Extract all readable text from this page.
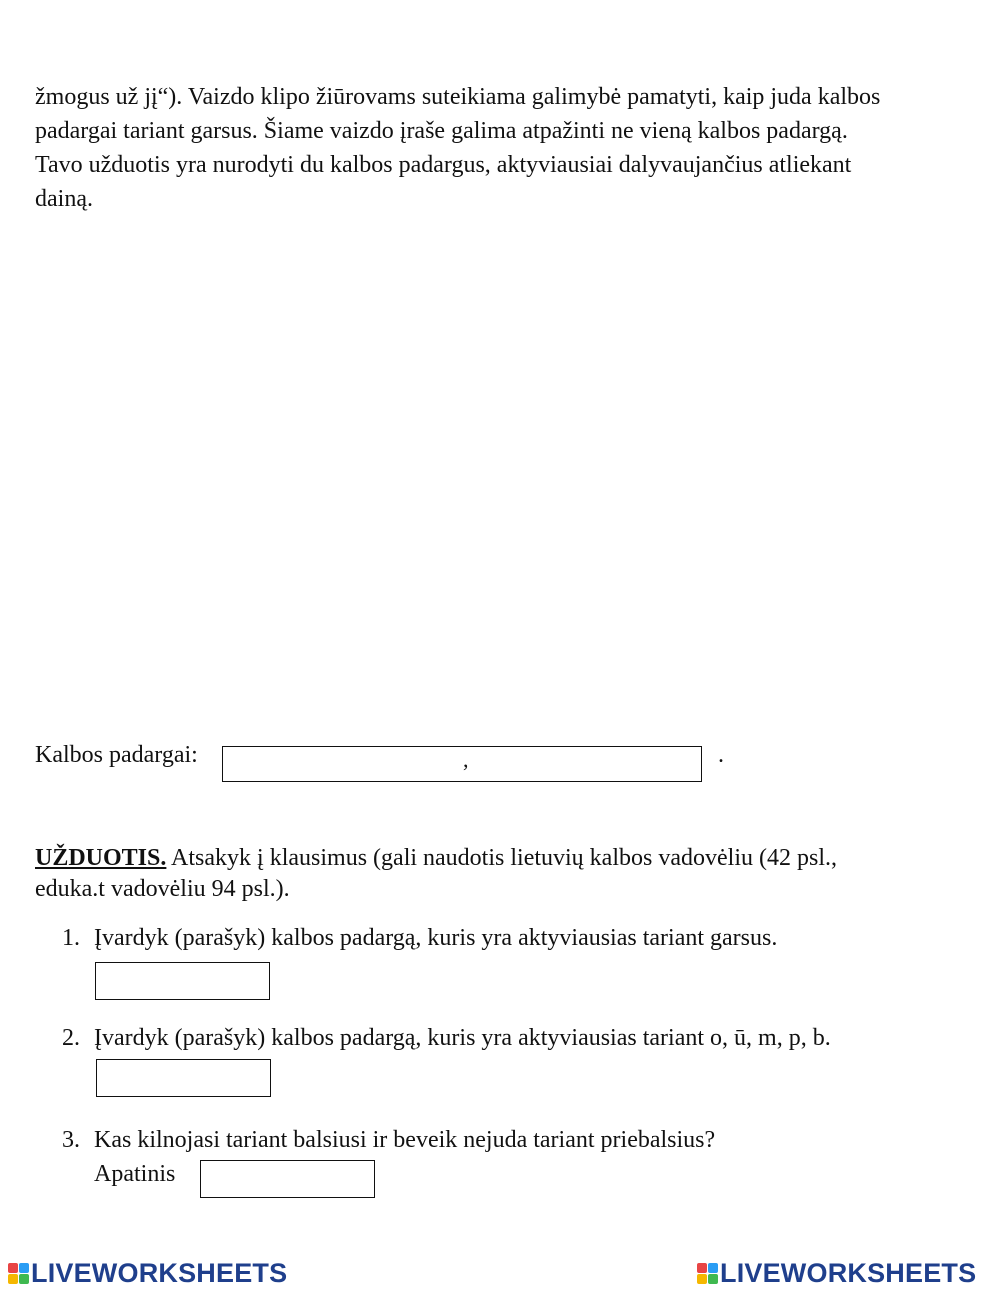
žmogus už jį“). Vaizdo klipo žiūrovams suteikiama galimybė pamatyti, kaip juda kalbos
padargai tariant garsus. Šiame vaizdo įraše galima atpažinti ne vieną kalbos padargą.
Tavo užduotis yra nurodyti du kalbos padargus, aktyviausiai dalyvaujančius atliekant
dainą.
Kalbos padargai:	,	.
UŽDUOTIS. Atsakyk į klausimus (gali naudotis lietuvių kalbos vadovėliu (42 psl.,
eduka.t vadovėliu 94 psl.).
1. Įvardyk (parašyk) kalbos padargą, kuris yra aktyviausias tariant garsus.
2. Įvardyk (parašyk) kalbos padargą, kuris yra aktyviausias tariant o, ū, m, p, b.
3. Kas kilnojasi tariant balsiusi ir beveik nejuda tariant priebalsius?
Apatinis
LIVEWORKSHEETS	LIVEWORKSHEETS
